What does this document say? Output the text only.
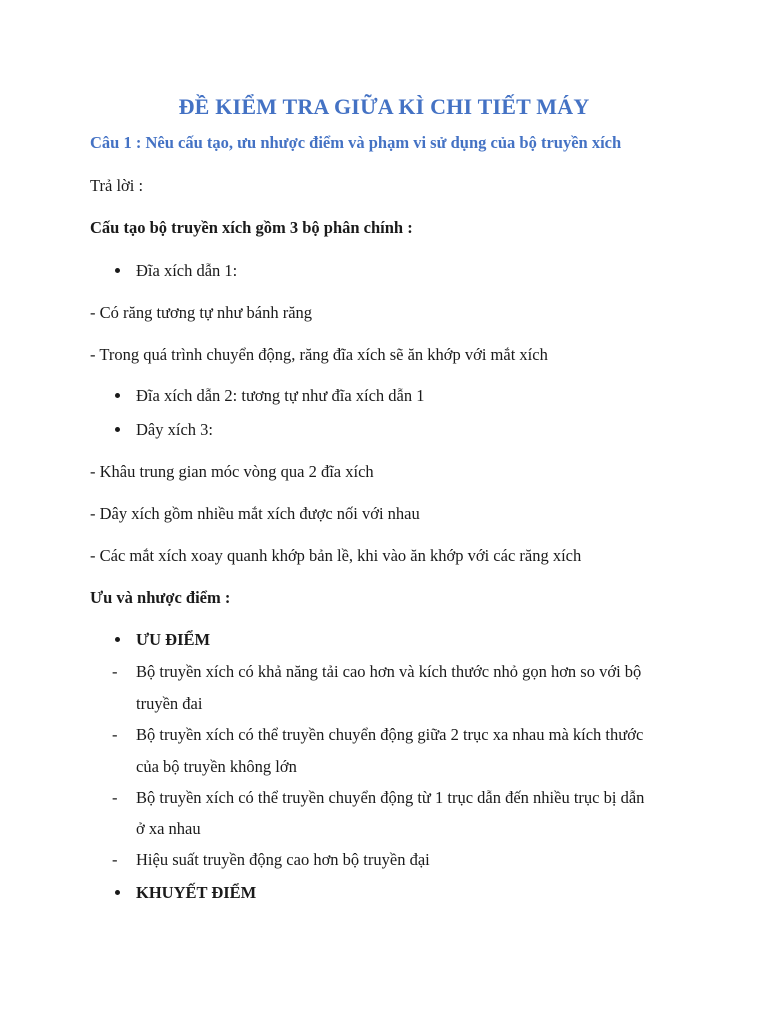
ĐỀ KIỂM TRA GIỮA KÌ CHI TIẾT MÁY
Câu 1 : Nêu cấu tạo, ưu nhược điểm và phạm vi sử dụng của bộ truyền xích
Trả lời :
Cấu tạo bộ truyền xích gồm 3 bộ phân chính :
Đĩa xích dẫn 1:
- Có răng tương tự như bánh răng
- Trong quá trình chuyển động, răng đĩa xích sẽ ăn khớp với mắt xích
Đĩa xích dẫn 2: tương tự như đĩa xích dẫn 1
Dây xích 3:
- Khâu trung gian móc vòng qua 2 đĩa xích
- Dây xích gồm nhiều mắt xích được nối với nhau
- Các mắt xích xoay quanh khớp bản lề, khi vào ăn khớp với các răng xích
Ưu và nhược điểm :
ƯU ĐIỂM
- Bộ truyền xích có khả năng tải cao hơn và kích thước nhỏ gọn hơn so với bộ
truyền đai
- Bộ truyền xích có thể truyền chuyển động giữa 2 trục xa nhau mà kích thước
của bộ truyền không lớn
- Bộ truyền xích có thể truyền chuyển động từ 1 trục dẫn đến nhiều trục bị dẫn
ở xa nhau
- Hiệu suất truyền động cao hơn bộ truyền đại
KHUYẾT ĐIỂM
